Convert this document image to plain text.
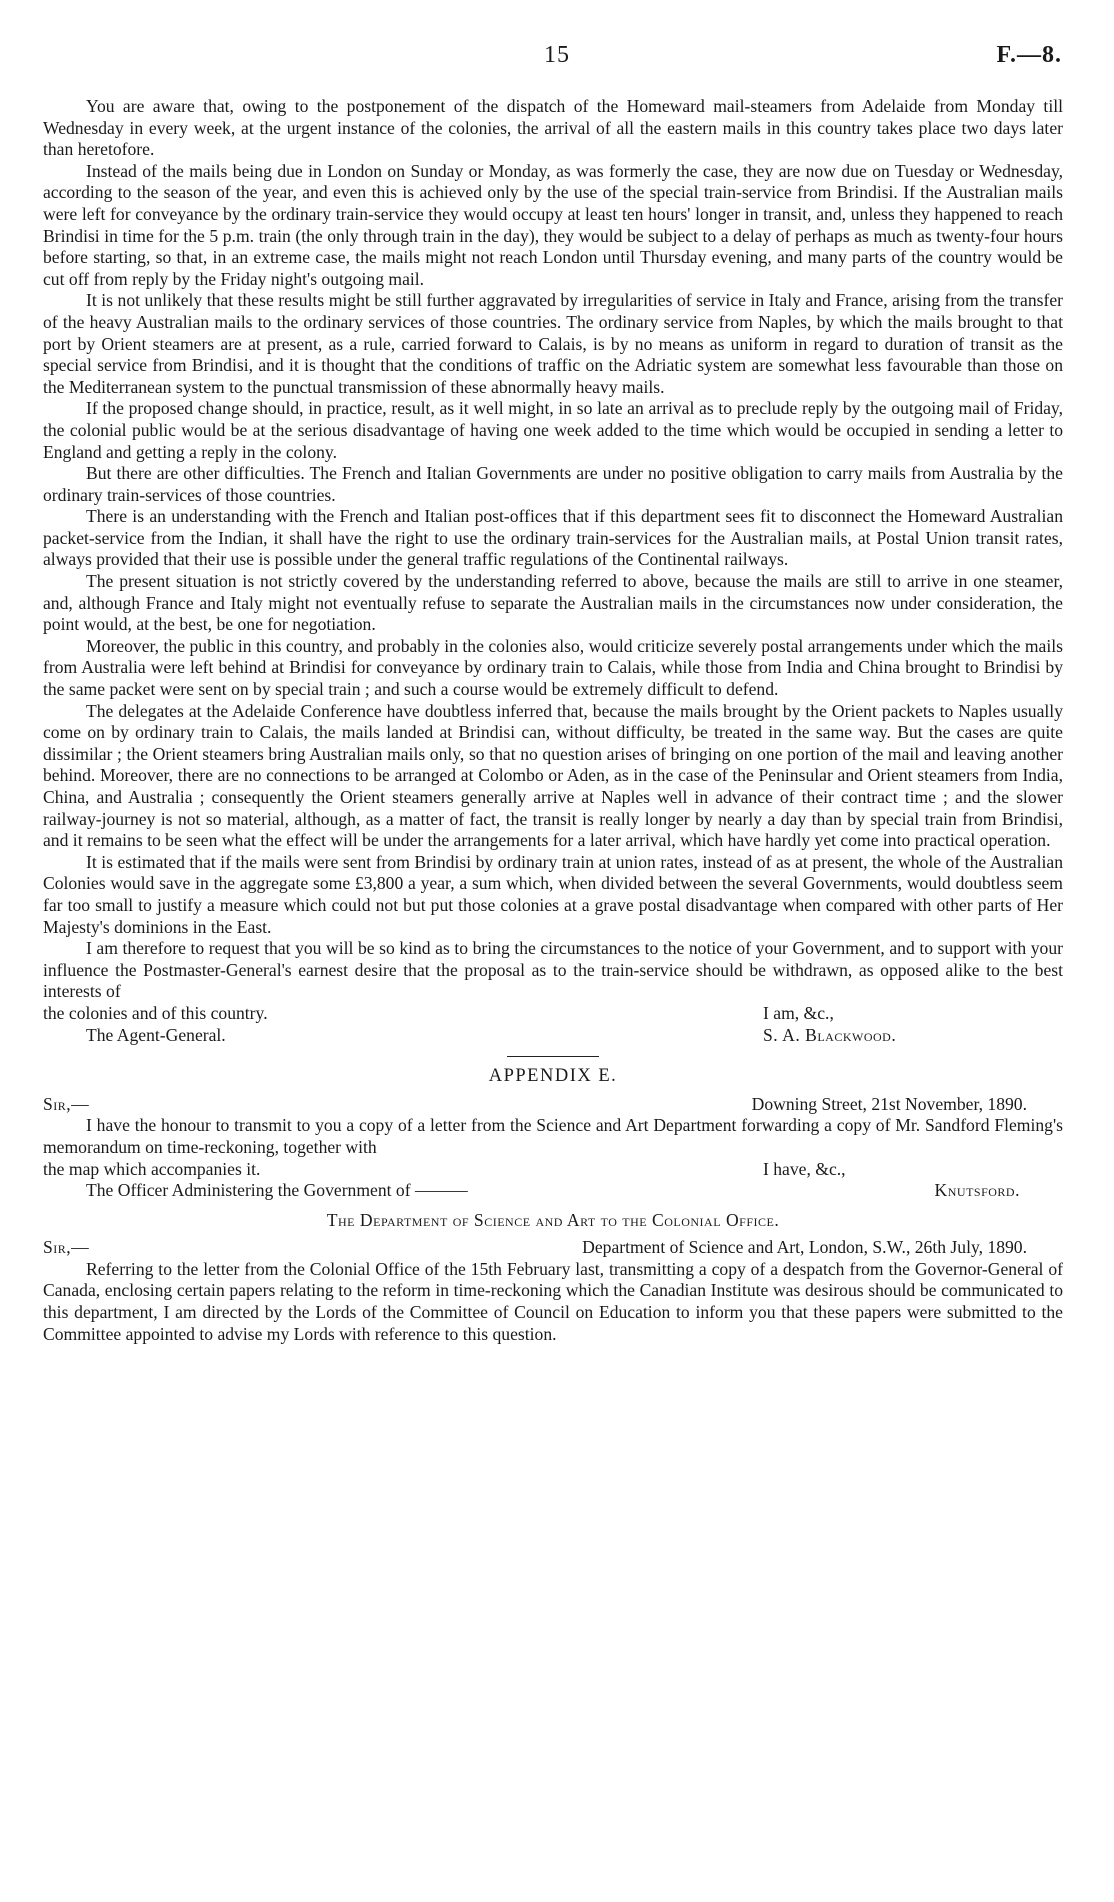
15	F.—8.

You are aware that, owing to the postponement of the dispatch of the Homeward mail-steamers from Adelaide from Monday till Wednesday in every week, at the urgent instance of the colonies, the arrival of all the eastern mails in this country takes place two days later than heretofore.

Instead of the mails being due in London on Sunday or Monday, as was formerly the case, they are now due on Tuesday or Wednesday, according to the season of the year, and even this is achieved only by the use of the special train-service from Brindisi. If the Australian mails were left for conveyance by the ordinary train-service they would occupy at least ten hours' longer in transit, and, unless they happened to reach Brindisi in time for the 5 p.m. train (the only through train in the day), they would be subject to a delay of perhaps as much as twenty-four hours before starting, so that, in an extreme case, the mails might not reach London until Thursday evening, and many parts of the country would be cut off from reply by the Friday night's outgoing mail.

It is not unlikely that these results might be still further aggravated by irregularities of service in Italy and France, arising from the transfer of the heavy Australian mails to the ordinary services of those countries. The ordinary service from Naples, by which the mails brought to that port by Orient steamers are at present, as a rule, carried forward to Calais, is by no means as uniform in regard to duration of transit as the special service from Brindisi, and it is thought that the conditions of traffic on the Adriatic system are somewhat less favourable than those on the Mediterranean system to the punctual transmission of these abnormally heavy mails.

If the proposed change should, in practice, result, as it well might, in so late an arrival as to preclude reply by the outgoing mail of Friday, the colonial public would be at the serious disadvantage of having one week added to the time which would be occupied in sending a letter to England and getting a reply in the colony.

But there are other difficulties. The French and Italian Governments are under no positive obligation to carry mails from Australia by the ordinary train-services of those countries.

There is an understanding with the French and Italian post-offices that if this department sees fit to disconnect the Homeward Australian packet-service from the Indian, it shall have the right to use the ordinary train-services for the Australian mails, at Postal Union transit rates, always provided that their use is possible under the general traffic regulations of the Continental railways.

The present situation is not strictly covered by the understanding referred to above, because the mails are still to arrive in one steamer, and, although France and Italy might not eventually refuse to separate the Australian mails in the circumstances now under consideration, the point would, at the best, be one for negotiation.

Moreover, the public in this country, and probably in the colonies also, would criticize severely postal arrangements under which the mails from Australia were left behind at Brindisi for conveyance by ordinary train to Calais, while those from India and China brought to Brindisi by the same packet were sent on by special train ; and such a course would be extremely difficult to defend.

The delegates at the Adelaide Conference have doubtless inferred that, because the mails brought by the Orient packets to Naples usually come on by ordinary train to Calais, the mails landed at Brindisi can, without difficulty, be treated in the same way. But the cases are quite dissimilar ; the Orient steamers bring Australian mails only, so that no question arises of bringing on one portion of the mail and leaving another behind. Moreover, there are no connections to be arranged at Colombo or Aden, as in the case of the Peninsular and Orient steamers from India, China, and Australia ; consequently the Orient steamers generally arrive at Naples well in advance of their contract time ; and the slower railway-journey is not so material, although, as a matter of fact, the transit is really longer by nearly a day than by special train from Brindisi, and it remains to be seen what the effect will be under the arrangements for a later arrival, which have hardly yet come into practical operation.

It is estimated that if the mails were sent from Brindisi by ordinary train at union rates, instead of as at present, the whole of the Australian Colonies would save in the aggregate some £3,800 a year, a sum which, when divided between the several Governments, would doubtless seem far too small to justify a measure which could not but put those colonies at a grave postal disadvantage when compared with other parts of Her Majesty's dominions in the East.

I am therefore to request that you will be so kind as to bring the circumstances to the notice of your Government, and to support with your influence the Postmaster-General's earnest desire that the proposal as to the train-service should be withdrawn, as opposed alike to the best interests of

the colonies and of this country.	I am, &c.,
The Agent-General.	S. A. Blackwood.
APPENDIX E.
Sir,—	Downing Street, 21st November, 1890.

I have the honour to transmit to you a copy of a letter from the Science and Art Department forwarding a copy of Mr. Sandford Fleming's memorandum on time-reckoning, together with

the map which accompanies it.	I have, &c.,
The Officer Administering the Government of ———	Knutsford.
The Department of Science and Art to the Colonial Office.
Sir,—	Department of Science and Art, London, S.W., 26th July, 1890.

Referring to the letter from the Colonial Office of the 15th February last, transmitting a copy of a despatch from the Governor-General of Canada, enclosing certain papers relating to the reform in time-reckoning which the Canadian Institute was desirous should be communicated to this department, I am directed by the Lords of the Committee of Council on Education to inform you that these papers were submitted to the Committee appointed to advise my Lords with reference to this question.
